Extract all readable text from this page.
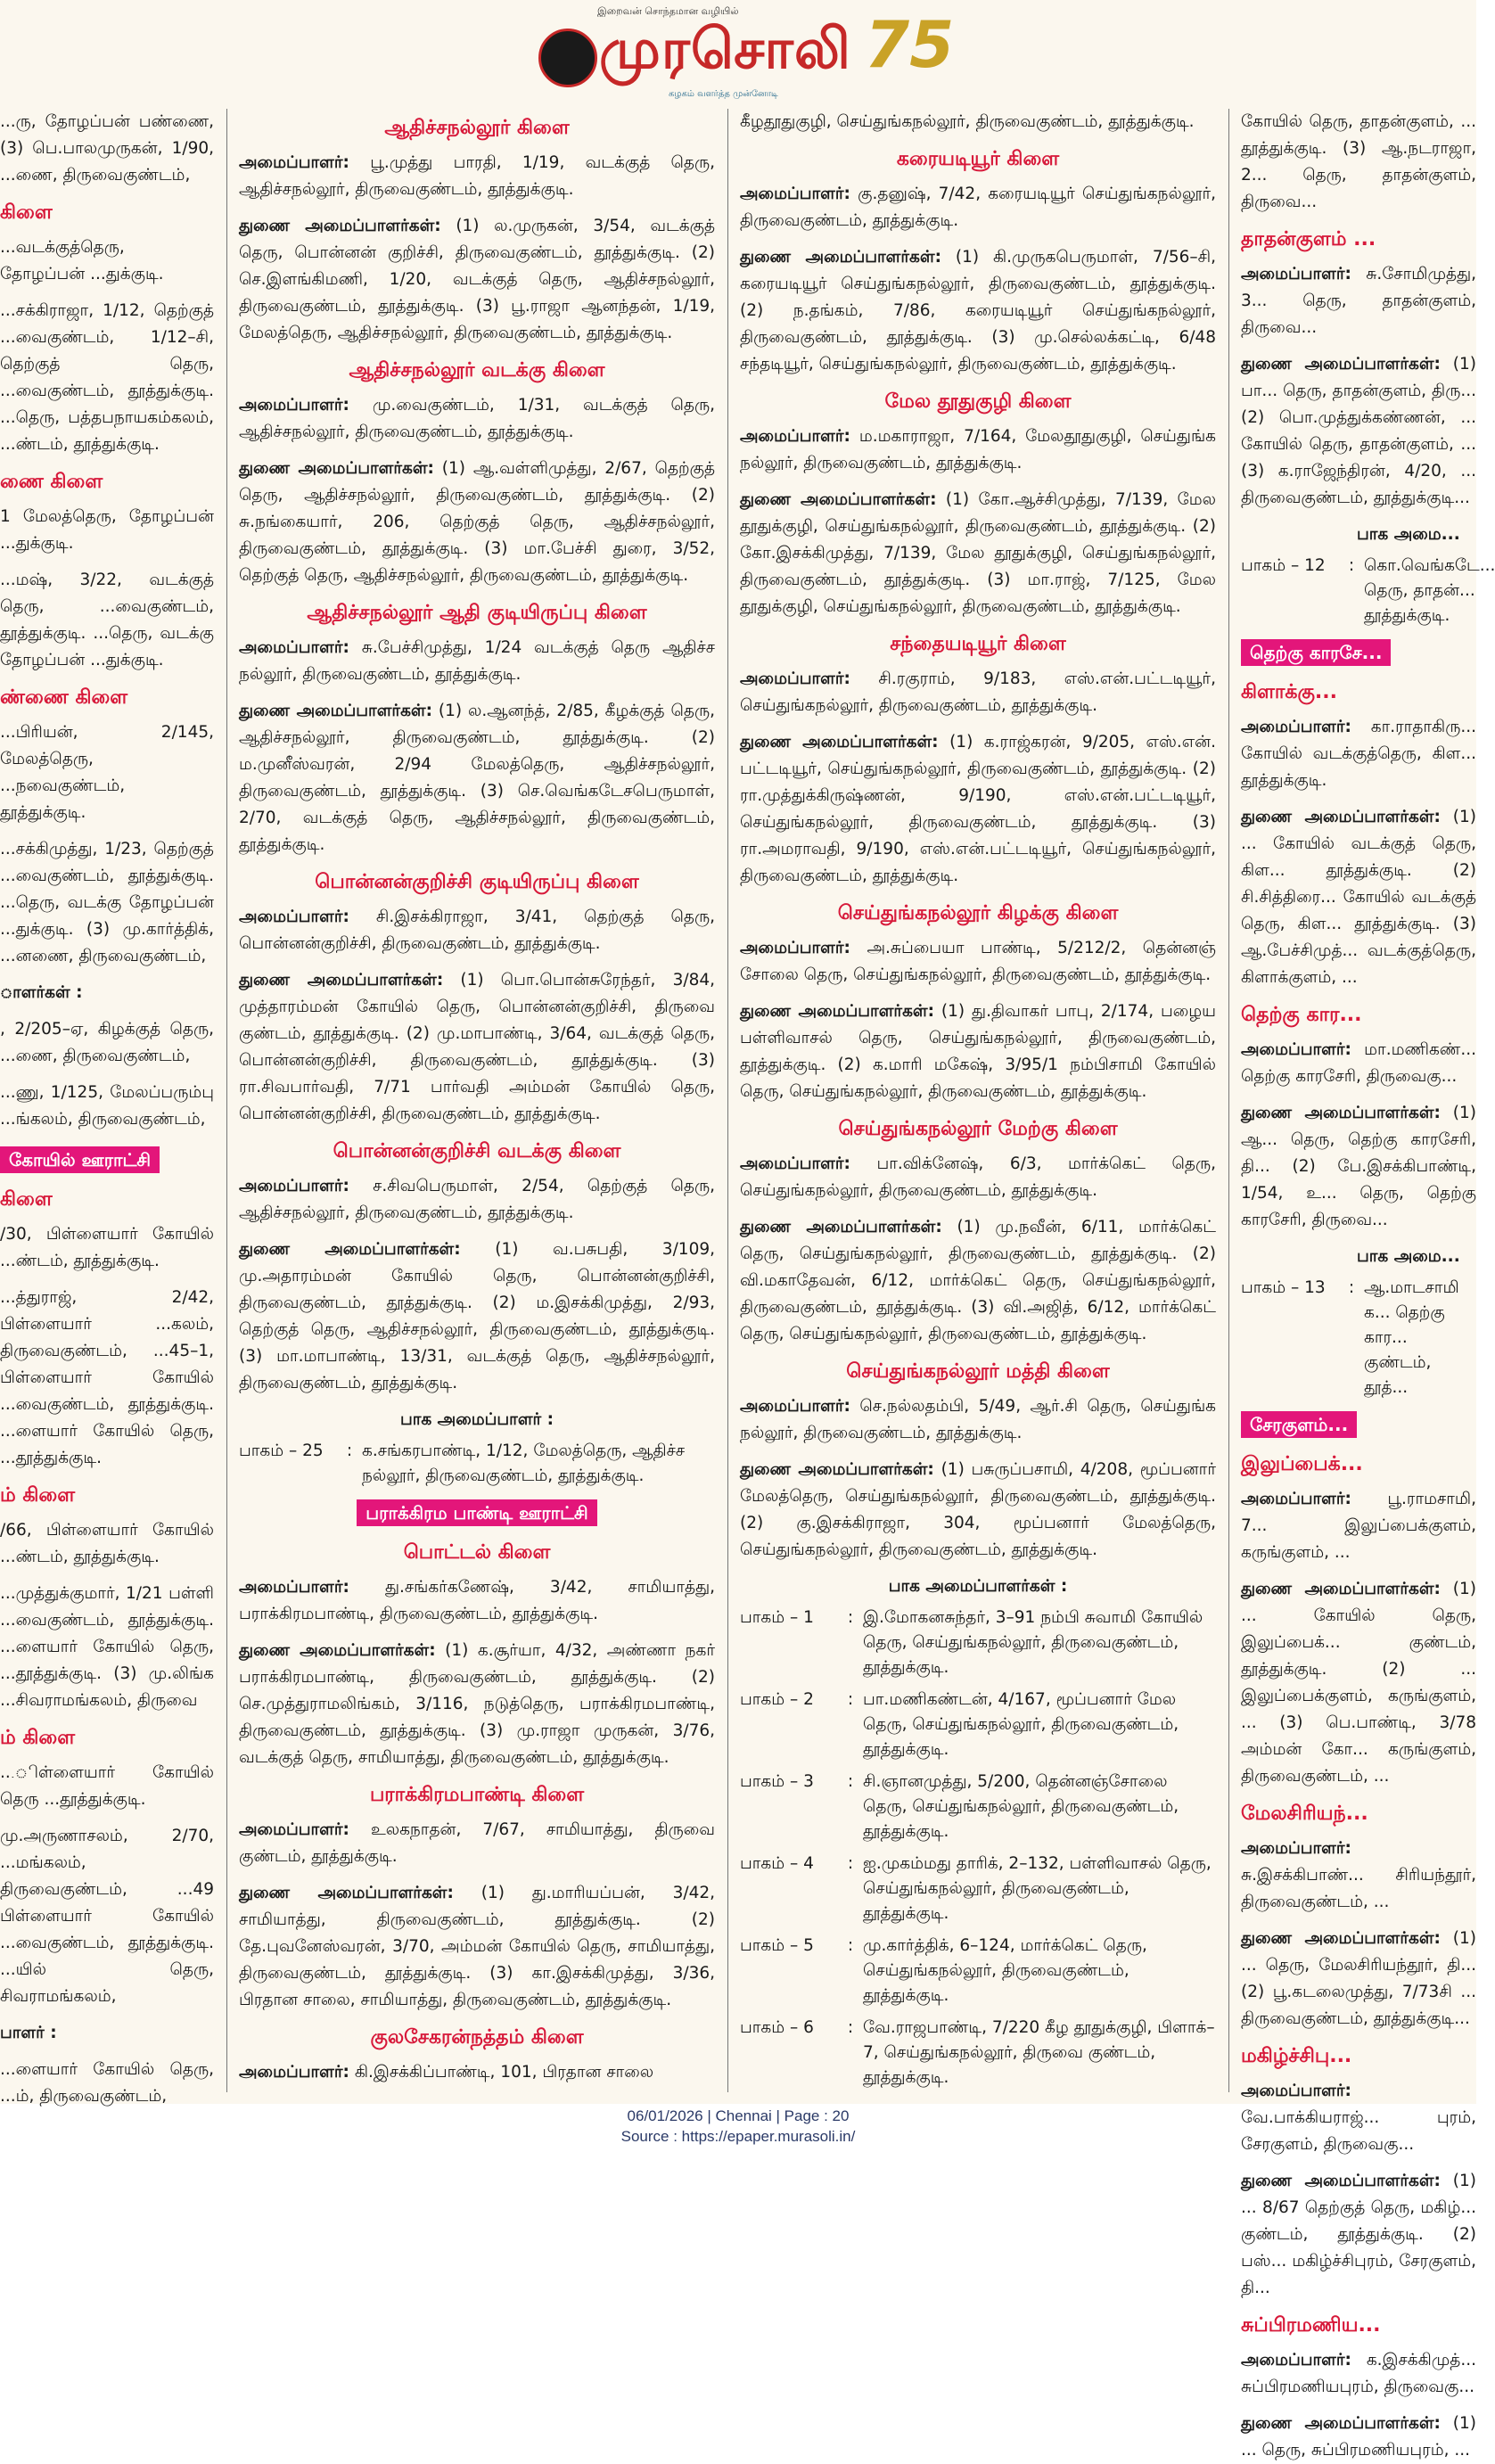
இறைவன் சொந்தமான வழியில்
முரசொலி 75
கழகம் வளர்த்த முன்னோடி

...ரு, தோழப்பன் பண்ணை, (3) பெ.பாலமுருகன், 1/90, ...ணை, திருவைகுண்டம்,

கிளை

...வடக்குத்தெரு, தோழப்பன் ...துக்குடி.

...சக்கிராஜா, 1/12, தெற்குத் ...வைகுண்டம், 1/12–சி, தெற்குத் தெரு, ...வைகுண்டம், தூத்துக்குடி. ...தெரு, பத்தபநாயகம்கலம், ...ண்டம், தூத்துக்குடி.

ணை கிளை

1 மேலத்தெரு, தோழப்பன் ...துக்குடி.

...மஷ், 3/22, வடக்குத் தெரு, ...வைகுண்டம், தூத்துக்குடி. ...தெரு, வடக்கு தோழப்பன் ...துக்குடி.

ண்ணை கிளை

...பிரியன், 2/145, மேலத்தெரு, ...நவைகுண்டம், தூத்துக்குடி.

...சக்கிமுத்து, 1/23, தெற்குத் ...வைகுண்டம், தூத்துக்குடி. ...தெரு, வடக்கு தோழப்பன் ...துக்குடி. (3) மு.கார்த்திக், ...னணை, திருவைகுண்டம்,

ாளர்கள் :

, 2/205–ஏ, கிழக்குத் தெரு, ...ணை, திருவைகுண்டம்,

...ணு, 1/125, மேலப்பரும்பு ...ங்கலம், திருவைகுண்டம்,

கோயில் ஊராட்சி
கிளை

/30, பிள்ளையார் கோயில் ...ண்டம், தூத்துக்குடி.

...த்துராஜ், 2/42, பிள்ளையார் ...கலம், திருவைகுண்டம், ...45–1, பிள்ளையார் கோயில் ...வைகுண்டம், தூத்துக்குடி. ...ளையார் கோயில் தெரு, ...தூத்துக்குடி.

ம் கிளை

/66, பிள்ளையார் கோயில் ...ண்டம், தூத்துக்குடி.

...முத்துக்குமார், 1/21 பள்ளி ...வைகுண்டம், தூத்துக்குடி. ...ளையார் கோயில் தெரு, ...தூத்துக்குடி. (3) மு.லிங்க ...சிவராமங்கலம், திருவை

ம் கிளை

...ிள்ளையார் கோயில் தெரு ...தூத்துக்குடி.

மு.அருணாசலம், 2/70, ...மங்கலம், திருவைகுண்டம், ...49 பிள்ளையார் கோயில் ...வைகுண்டம், தூத்துக்குடி. ...யில் தெரு, சிவராமங்கலம்,

பாளர் :

...ளையார் கோயில் தெரு, ...ம், திருவைகுண்டம்,

ஆதிச்சநல்லூர் கிளை

அமைப்பாளர்: பூ.முத்து பாரதி, 1/19, வடக்குத் தெரு, ஆதிச்சநல்லூர், திருவைகுண்டம், தூத்துக்குடி.

துணை அமைப்பாளர்கள்: (1) ல.முருகன், 3/54, வடக்குத் தெரு, பொன்னன் குறிச்சி, திருவைகுண்டம், தூத்துக்குடி. (2) செ.இளங்கிமணி, 1/20, வடக்குத் தெரு, ஆதிச்சநல்லூர், திருவைகுண்டம், தூத்துக்குடி. (3) பூ.ராஜா ஆனந்தன், 1/19, மேலத்தெரு, ஆதிச்சநல்லூர், திருவைகுண்டம், தூத்துக்குடி.

ஆதிச்சநல்லூர் வடக்கு கிளை

அமைப்பாளர்: மு.வைகுண்டம், 1/31, வடக்குத் தெரு, ஆதிச்சநல்லூர், திருவைகுண்டம், தூத்துக்குடி.

துணை அமைப்பாளர்கள்: (1) ஆ.வள்ளிமுத்து, 2/67, தெற்குத் தெரு, ஆதிச்சநல்லூர், திருவைகுண்டம், தூத்துக்குடி. (2) சு.நங்கையார், 206, தெற்குத் தெரு, ஆதிச்சநல்லூர், திருவைகுண்டம், தூத்துக்குடி. (3) மா.பேச்சி துரை, 3/52, தெற்குத் தெரு, ஆதிச்சநல்லூர், திருவைகுண்டம், தூத்துக்குடி.

ஆதிச்சநல்லூர் ஆதி குடியிருப்பு கிளை

அமைப்பாளர்: சு.பேச்சிமுத்து, 1/24 வடக்குத் தெரு ஆதிச்ச நல்லூர், திருவைகுண்டம், தூத்துக்குடி.

துணை அமைப்பாளர்கள்: (1) ல.ஆனந்த், 2/85, கீழக்குத் தெரு, ஆதிச்சநல்லூர், திருவைகுண்டம், தூத்துக்குடி. (2) ம.முனீஸ்வரன், 2/94 மேலத்தெரு, ஆதிச்சநல்லூர், திருவைகுண்டம், தூத்துக்குடி. (3) செ.வெங்கடேசபெருமாள், 2/70, வடக்குத் தெரு, ஆதிச்சநல்லூர், திருவைகுண்டம், தூத்துக்குடி.

பொன்னன்குறிச்சி குடியிருப்பு கிளை

அமைப்பாளர்: சி.இசக்கிராஜா, 3/41, தெற்குத் தெரு, பொன்னன்குறிச்சி, திருவைகுண்டம், தூத்துக்குடி.

துணை அமைப்பாளர்கள்: (1) பொ.பொன்சுரேந்தர், 3/84, முத்தாரம்மன் கோயில் தெரு, பொன்னன்குறிச்சி, திருவை குண்டம், தூத்துக்குடி. (2) மு.மாபாண்டி, 3/64, வடக்குத் தெரு, பொன்னன்குறிச்சி, திருவைகுண்டம், தூத்துக்குடி. (3) ரா.சிவபார்வதி, 7/71 பார்வதி அம்மன் கோயில் தெரு, பொன்னன்குறிச்சி, திருவைகுண்டம், தூத்துக்குடி.

பொன்னன்குறிச்சி வடக்கு கிளை

அமைப்பாளர்: ச.சிவபெருமாள், 2/54, தெற்குத் தெரு, ஆதிச்சநல்லூர், திருவைகுண்டம், தூத்துக்குடி.

துணை அமைப்பாளர்கள்: (1) வ.பசுபதி, 3/109, மு.அதாரம்மன் கோயில் தெரு, பொன்னன்குறிச்சி, திருவைகுண்டம், தூத்துக்குடி. (2) ம.இசக்கிமுத்து, 2/93, தெற்குத் தெரு, ஆதிச்சநல்லூர், திருவைகுண்டம், தூத்துக்குடி. (3) மா.மாபாண்டி, 13/31, வடக்குத் தெரு, ஆதிச்சநல்லூர், திருவைகுண்டம், தூத்துக்குடி.

பாக அமைப்பாளர் :
பாகம் – 25	: க.சங்கரபாண்டி, 1/12, மேலத்தெரு, ஆதிச்ச நல்லூர், திருவைகுண்டம், தூத்துக்குடி.
பராக்கிரம பாண்டி ஊராட்சி
பொட்டல் கிளை

அமைப்பாளர்: து.சங்கர்கணேஷ், 3/42, சாமியாத்து, பராக்கிரமபாண்டி, திருவைகுண்டம், தூத்துக்குடி.

துணை அமைப்பாளர்கள்: (1) க.சூர்யா, 4/32, அண்ணா நகர் பராக்கிரமபாண்டி, திருவைகுண்டம், தூத்துக்குடி. (2) செ.முத்துராமலிங்கம், 3/116, நடுத்தெரு, பராக்கிரமபாண்டி, திருவைகுண்டம், தூத்துக்குடி. (3) மு.ராஜா முருகன், 3/76, வடக்குத் தெரு, சாமியாத்து, திருவைகுண்டம், தூத்துக்குடி.

பராக்கிரமபாண்டி கிளை

அமைப்பாளர்: உலகநாதன், 7/67, சாமியாத்து, திருவை குண்டம், தூத்துக்குடி.

துணை அமைப்பாளர்கள்: (1) து.மாரியப்பன், 3/42, சாமியாத்து, திருவைகுண்டம், தூத்துக்குடி. (2) தே.புவனேஸ்வரன், 3/70, அம்மன் கோயில் தெரு, சாமியாத்து, திருவைகுண்டம், தூத்துக்குடி. (3) கா.இசக்கிமுத்து, 3/36, பிரதான சாலை, சாமியாத்து, திருவைகுண்டம், தூத்துக்குடி.

குலசேகரன்நத்தம் கிளை

அமைப்பாளர்: கி.இசக்கிப்பாண்டி, 101, பிரதான சாலை

கீழதூதுகுழி, செய்துங்கநல்லூர், திருவைகுண்டம், தூத்துக்குடி.

கரையடியூர் கிளை

அமைப்பாளர்: கு.தனுஷ், 7/42, கரையடியூர் செய்துங்கநல்லூர், திருவைகுண்டம், தூத்துக்குடி.

துணை அமைப்பாளர்கள்: (1) கி.முருகபெருமாள், 7/56–சி, கரையடியூர் செய்துங்கநல்லூர், திருவைகுண்டம், தூத்துக்குடி. (2) ந.தங்கம், 7/86, கரையடியூர் செய்துங்கநல்லூர், திருவைகுண்டம், தூத்துக்குடி. (3) மு.செல்லக்கட்டி, 6/48 சந்தடியூர், செய்துங்கநல்லூர், திருவைகுண்டம், தூத்துக்குடி.

மேல தூதுகுழி கிளை

அமைப்பாளர்: ம.மகாராஜா, 7/164, மேலதூதுகுழி, செய்துங்க நல்லூர், திருவைகுண்டம், தூத்துக்குடி.

துணை அமைப்பாளர்கள்: (1) கோ.ஆச்சிமுத்து, 7/139, மேல தூதுக்குழி, செய்துங்கநல்லூர், திருவைகுண்டம், தூத்துக்குடி. (2) கோ.இசக்கிமுத்து, 7/139, மேல தூதுக்குழி, செய்துங்கநல்லூர், திருவைகுண்டம், தூத்துக்குடி. (3) மா.ராஜ், 7/125, மேல தூதுக்குழி, செய்துங்கநல்லூர், திருவைகுண்டம், தூத்துக்குடி.

சந்தையடியூர் கிளை

அமைப்பாளர்: சி.ரகுராம், 9/183, எஸ்.என்.பட்டடியூர், செய்துங்கநல்லூர், திருவைகுண்டம், தூத்துக்குடி.

துணை அமைப்பாளர்கள்: (1) க.ராஜ்கரன், 9/205, எஸ்.என். பட்டடியூர், செய்துங்கநல்லூர், திருவைகுண்டம், தூத்துக்குடி. (2) ரா.முத்துக்கிருஷ்ணன், 9/190, எஸ்.என்.பட்டடியூர், செய்துங்கநல்லூர், திருவைகுண்டம், தூத்துக்குடி. (3) ரா.அமராவதி, 9/190, எஸ்.என்.பட்டடியூர், செய்துங்கநல்லூர், திருவைகுண்டம், தூத்துக்குடி.

செய்துங்கநல்லூர் கிழக்கு கிளை

அமைப்பாளர்: அ.சுப்பையா பாண்டி, 5/212/2, தென்னஞ் சோலை தெரு, செய்துங்கநல்லூர், திருவைகுண்டம், தூத்துக்குடி.

துணை அமைப்பாளர்கள்: (1) து.திவாகர் பாபு, 2/174, பழைய பள்ளிவாசல் தெரு, செய்துங்கநல்லூர், திருவைகுண்டம், தூத்துக்குடி. (2) க.மாரி மகேஷ், 3/95/1 நம்பிசாமி கோயில் தெரு, செய்துங்கநல்லூர், திருவைகுண்டம், தூத்துக்குடி.

செய்துங்கநல்லூர் மேற்கு கிளை

அமைப்பாளர்: பா.விக்னேஷ், 6/3, மார்க்கெட் தெரு, செய்துங்கநல்லூர், திருவைகுண்டம், தூத்துக்குடி.

துணை அமைப்பாளர்கள்: (1) மு.நவீன், 6/11, மார்க்கெட் தெரு, செய்துங்கநல்லூர், திருவைகுண்டம், தூத்துக்குடி. (2) வி.மகாதேவன், 6/12, மார்க்கெட் தெரு, செய்துங்கநல்லூர், திருவைகுண்டம், தூத்துக்குடி. (3) வி.அஜித், 6/12, மார்க்கெட் தெரு, செய்துங்கநல்லூர், திருவைகுண்டம், தூத்துக்குடி.

செய்துங்கநல்லூர் மத்தி கிளை

அமைப்பாளர்: செ.நல்லதம்பி, 5/49, ஆர்.சி தெரு, செய்துங்க நல்லூர், திருவைகுண்டம், தூத்துக்குடி.

துணை அமைப்பாளர்கள்: (1) பசுருப்பசாமி, 4/208, மூப்பனார் மேலத்தெரு, செய்துங்கநல்லூர், திருவைகுண்டம், தூத்துக்குடி. (2) கு.இசக்கிராஜா, 304, மூப்பனார் மேலத்தெரு, செய்துங்கநல்லூர், திருவைகுண்டம், தூத்துக்குடி.

பாக அமைப்பாளர்கள் :
பாகம் – 1	: இ.மோகனசுந்தர், 3–91 நம்பி சுவாமி கோயில் தெரு, செய்துங்கநல்லூர், திருவைகுண்டம், தூத்துக்குடி.
பாகம் – 2	: பா.மணிகண்டன், 4/167, மூப்பனார் மேல தெரு, செய்துங்கநல்லூர், திருவைகுண்டம், தூத்துக்குடி.
பாகம் – 3	: சி.ஞானமுத்து, 5/200, தென்னஞ்சோலை தெரு, செய்துங்கநல்லூர், திருவைகுண்டம், தூத்துக்குடி.
பாகம் – 4	: ஐ.முகம்மது தாரிக், 2–132, பள்ளிவாசல் தெரு, செய்துங்கநல்லூர், திருவைகுண்டம், தூத்துக்குடி.
பாகம் – 5	: மு.கார்த்திக், 6–124, மார்க்கெட் தெரு, செய்துங்கநல்லூர், திருவைகுண்டம், தூத்துக்குடி.
பாகம் – 6	: வே.ராஜபாண்டி, 7/220 கீழ தூதுக்குழி, பிளாக்–7, செய்துங்கநல்லூர், திருவை குண்டம், தூத்துக்குடி.

கோயில் தெரு, தாதன்குளம், ... தூத்துக்குடி. (3) ஆ.நடராஜா, 2... தெரு, தாதன்குளம், திருவை...

தாதன்குளம் ...

அமைப்பாளர்: சு.சோமிமுத்து, 3... தெரு, தாதன்குளம், திருவை...

துணை அமைப்பாளர்கள்: (1) பா... தெரு, தாதன்குளம், திரு... (2) பொ.முத்துக்கண்ணன், ... கோயில் தெரு, தாதன்குளம், ... (3) க.ராஜேந்திரன், 4/20, ... திருவைகுண்டம், தூத்துக்குடி...

பாக அமை...
பாகம் – 12	: கொ.வெங்கடே... தெரு, தாதன்... தூத்துக்குடி.
தெற்கு காரசே...
கிளாக்கு...

அமைப்பாளர்: கா.ராதாகிரு... கோயில் வடக்குத்தெரு, கிள... தூத்துக்குடி.

துணை அமைப்பாளர்கள்: (1) ... கோயில் வடக்குத் தெரு, கிள... தூத்துக்குடி. (2) சி.சித்திரை... கோயில் வடக்குத் தெரு, கிள... தூத்துக்குடி. (3) ஆ.பேச்சிமுத்... வடக்குத்தெரு, கிளாக்குளம், ...

தெற்கு கார...

அமைப்பாளர்: மா.மணிகண்... தெற்கு காரசேரி, திருவைகு...

துணை அமைப்பாளர்கள்: (1) ஆ... தெரு, தெற்கு காரசேரி, தி... (2) பே.இசக்கிபாண்டி, 1/54, உ... தெரு, தெற்கு காரசேரி, திருவை...

பாக அமை...
பாகம் – 13	: ஆ.மாடசாமி க... தெற்கு கார... குண்டம், தூத்...
சேரகுளம்...
இலுப்பைக்...

அமைப்பாளர்: பூ.ராமசாமி, 7... இலுப்பைக்குளம், கருங்குளம், ...

துணை அமைப்பாளர்கள்: (1) ... கோயில் தெரு, இலுப்பைக்... குண்டம், தூத்துக்குடி. (2) ... இலுப்பைக்குளம், கருங்குளம், ... (3) பெ.பாண்டி, 3/78 அம்மன் கோ... கருங்குளம், திருவைகுண்டம், ...

மேலசிரியந்...

அமைப்பாளர்: சு.இசக்கிபாண்... சிரியந்தூர், திருவைகுண்டம், ...

துணை அமைப்பாளர்கள்: (1) ... தெரு, மேலசிரியந்தூர், தி... (2) பூ.கடலைமுத்து, 7/73சி ... திருவைகுண்டம், தூத்துக்குடி...

மகிழ்ச்சிபு...

அமைப்பாளர்: வே.பாக்கியராஜ்... புரம், சேரகுளம், திருவைகு...

துணை அமைப்பாளர்கள்: (1) ... 8/67 தெற்குத் தெரு, மகிழ்... குண்டம், தூத்துக்குடி. (2) பஸ்... மகிழ்ச்சிபுரம், சேரகுளம், தி...

சுப்பிரமணிய...

அமைப்பாளர்: க.இசக்கிமுத்... சுப்பிரமணியபுரம், திருவைகு...

துணை அமைப்பாளர்கள்: (1) ... தெரு, சுப்பிரமணியபுரம், ...

06/01/2026 | Chennai | Page : 20
Source : https://epaper.murasoli.in/
